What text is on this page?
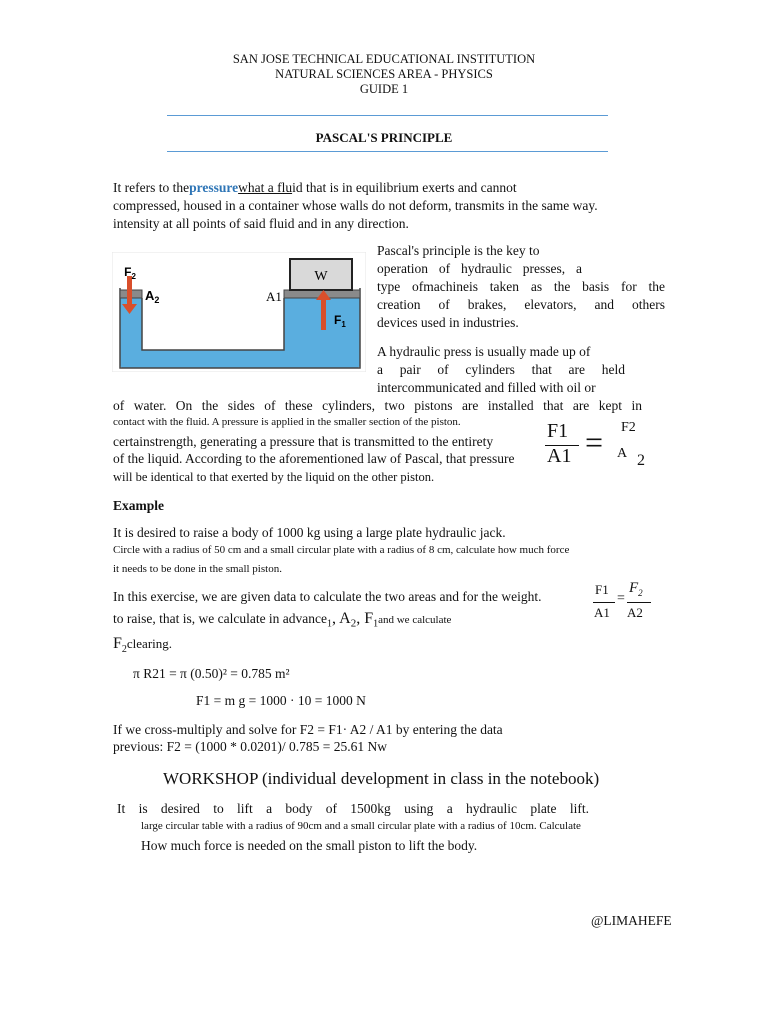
SAN JOSE TECHNICAL EDUCATIONAL INSTITUTION
NATURAL SCIENCES AREA - PHYSICS
GUIDE 1
PASCAL'S PRINCIPLE
It refers to thepressurewhat a fluid that is in equilibrium exerts and cannot
compressed, housed in a container whose walls do not deform, transmits in the same way.
intensity at all points of said fluid and in any direction.
W
$F_2$
$A_2$	A1
$F_1$
Pascal's principle is the key to
operation of hydraulic presses, a
type ofmachineis taken as the basis for the
creation of brakes, elevators, and others
devices used in industries.
A hydraulic press is usually made up of
a pair of cylinders that are held
intercommunicated and filled with oil or
of water. On the sides of these cylinders, two pistons are installed that are kept in
contact with the fluid. A pressure is applied in the smaller section of the piston.
certainstrength, generating a pressure that is transmitted to the entirety
of the liquid. According to the aforementioned law of Pascal, that pressure
will be identical to that exerted by the liquid on the other piston.
F1
A1 = F2
A 2
Example
It is desired to raise a body of 1000 kg using a large plate hydraulic jack.
Circle with a radius of 50 cm and a small circular plate with a radius of 8 cm, calculate how much force
it needs to be done in the small piston.
In this exercise, we are given data to calculate the two areas and for the weight.
to raise, that is, we calculate in advance$_1$, $A_2$, $F_1and$ we calculate
$F_2clearing$.
F1
A1
=
$F_2$
A2
π R21 = π (0.50)² = 0.785 m²
F1 = m g = 1000 · 10 = 1000 N
If we cross-multiply and solve for F2 = F1· A2 / A1 by entering the data
previous: F2 = (1000 * 0.0201)/ 0.785 = 25.61 Nw
WORKSHOP (individual development in class in the notebook)
It is desired to lift a body of 1500kg using a hydraulic plate lift.
large circular table with a radius of 90cm and a small circular plate with a radius of 10cm. Calculate
How much force is needed on the small piston to lift the body.
@LIMAHEFE
